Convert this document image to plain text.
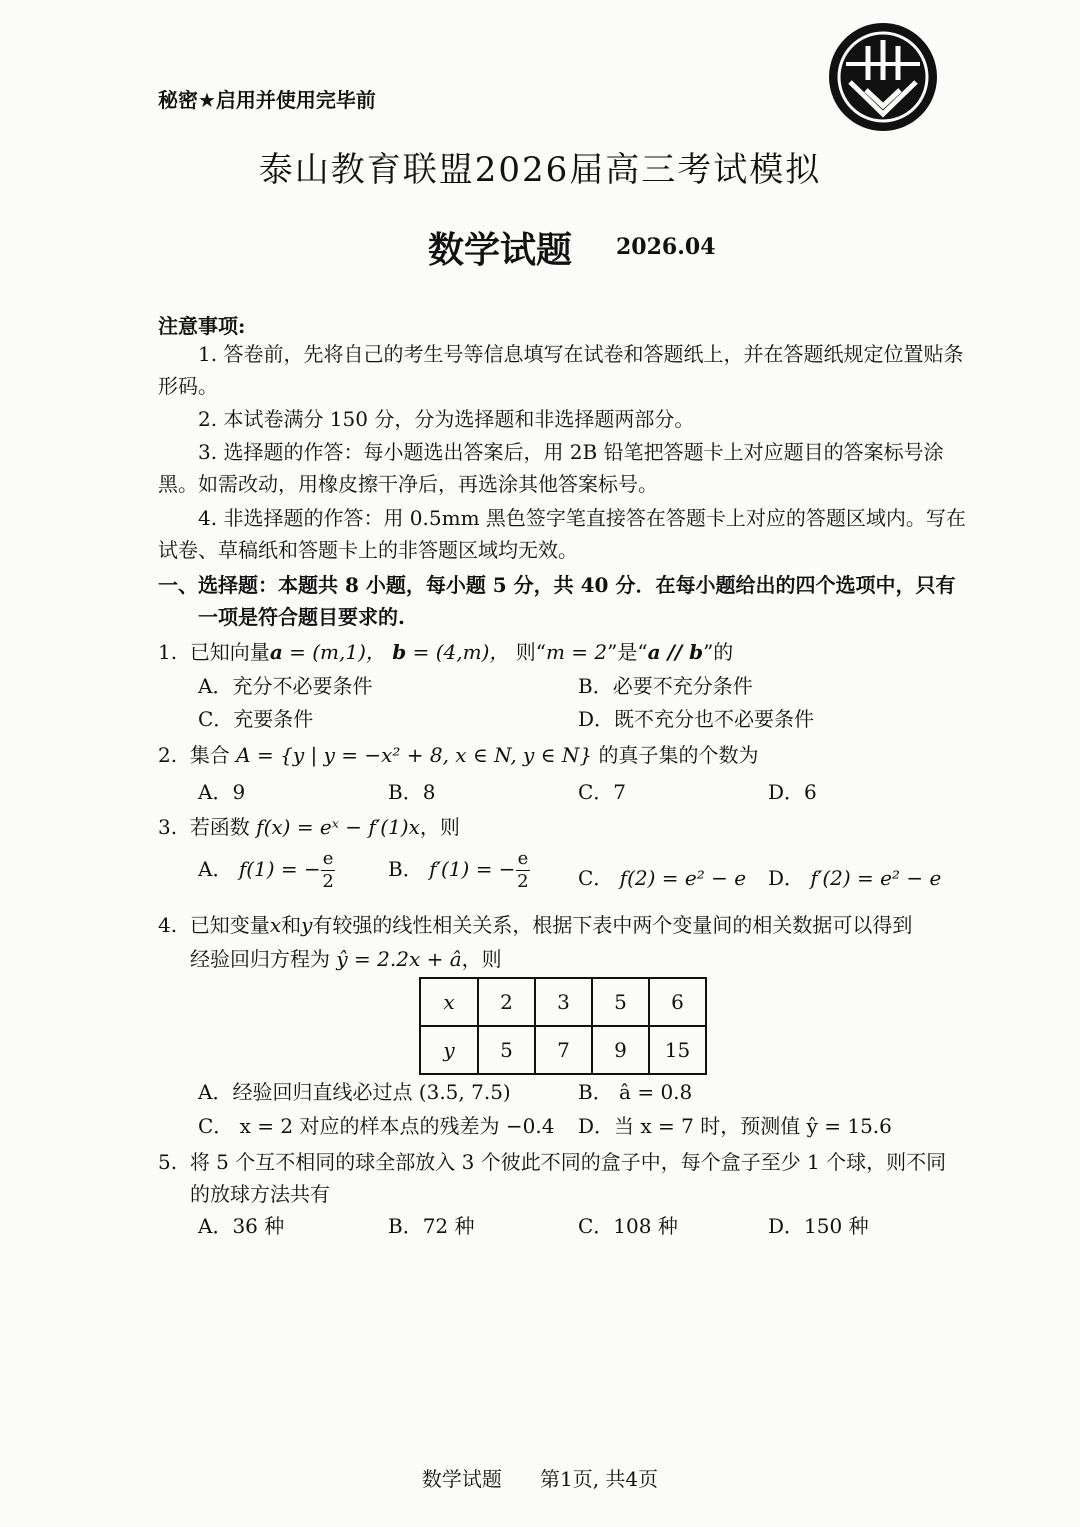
秘密★启用并使用完毕前
泰山教育联盟2026届高三考试模拟
数学试题 2026.04
注意事项:
1. 答卷前，先将自己的考生号等信息填写在试卷和答题纸上，并在答题纸规定位置贴条形码。
2. 本试卷满分 150 分，分为选择题和非选择题两部分。
3. 选择题的作答：每小题选出答案后，用 2B 铅笔把答题卡上对应题目的答案标号涂黑。如需改动，用橡皮擦干净后，再选涂其他答案标号。
4. 非选择题的作答：用 0.5mm 黑色签字笔直接答在答题卡上对应的答题区域内。写在试卷、草稿纸和答题卡上的非答题区域均无效。
一、选择题：本题共 8 小题，每小题 5 分，共 40 分．在每小题给出的四个选项中，只有
一项是符合题目要求的.
1. 已知向量a = (m,1)， b = (4,m)， 则“m = 2”是“a // b”的
A．充分不必要条件	B．必要不充分条件
C．充要条件	D．既不充分也不必要条件
2. 集合 A = {y | y = −x² + 8, x ∈ N, y ∈ N} 的真子集的个数为
A．9	B．8	C．7	D．6
3. 若函数 f(x) = eˣ − f′(1)x，则
A． f(1) = − $\frac{e}{2}$	B． f′(1) = − $\frac{e}{2}$ C． f(2) = e² − e D． f′(2) = e² − e
4. 已知变量x和y有较强的线性相关关系，根据下表中两个变量间的相关数据可以得到
经验回归方程为 ŷ = 2.2x + â，则
x	2	3	5	6
y	5	7	9	15
A．经验回归直线必过点 (3.5, 7.5)	B． â = 0.8
C． x = 2 对应的样本点的残差为 −0.4 D．当 x = 7 时，预测值 ŷ = 15.6
5. 将 5 个互不相同的球全部放入 3 个彼此不同的盒子中，每个盒子至少 1 个球，则不同
的放球方法共有
A．36 种	B．72 种	C．108 种	D．150 种
数学试题 第1页, 共4页
